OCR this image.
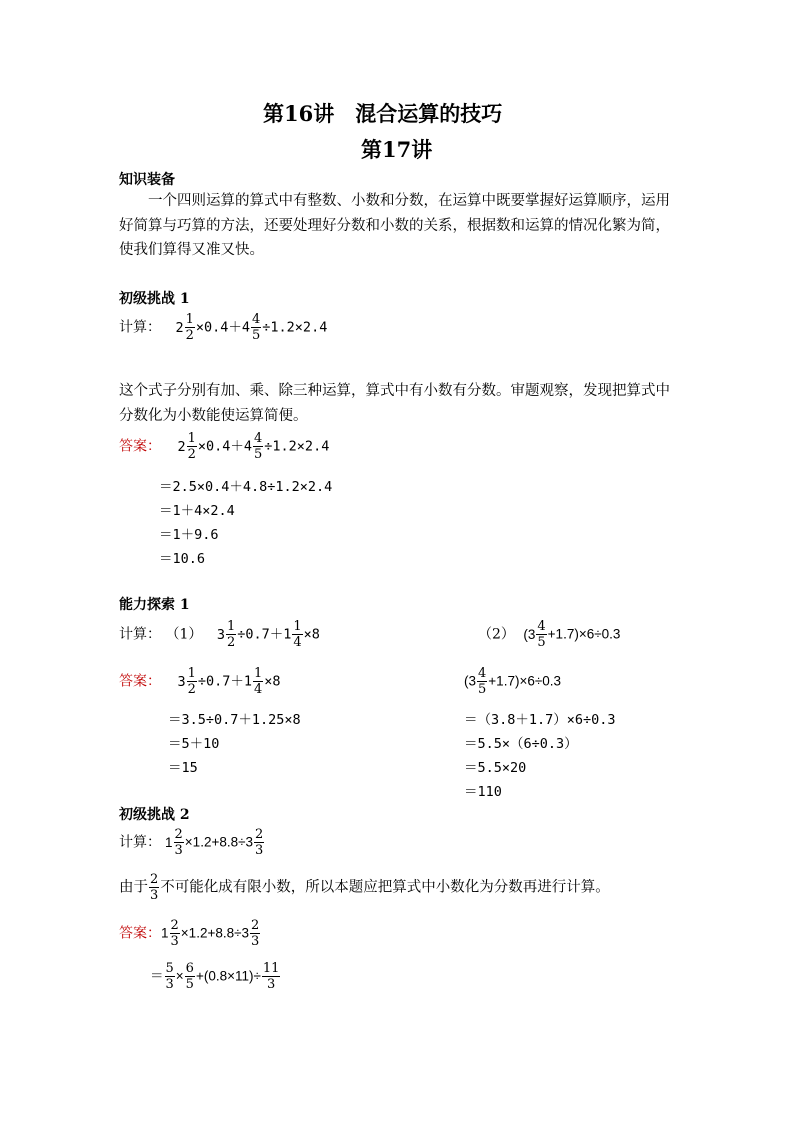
第16讲　混合运算的技巧
第17讲
知识装备
一个四则运算的算式中有整数、小数和分数，在运算中既要掌握好运算顺序，运用好简算与巧算的方法，还要处理好分数和小数的关系，根据数和运算的情况化繁为简，使我们算得又准又快。
初级挑战 1
计算： $2 \frac{1}{2} \times 0.4+4 \frac{4}{5} \div 1.2\times 2.4$
这个式子分别有加、乘、除三种运算，算式中有小数有分数。审题观察，发现把算式中分数化为小数能使运算简便。
答案： $2 \frac{1}{2} \times 0.4+4 \frac{4}{5} \div 1.2\times 2.4$
＝2.5×0.4＋4.8÷1.2×2.4
＝1＋4×2.4
＝1＋9.6
＝10.6
能力探索 1
计算： （1） $3 \frac{1}{2} \div 0.7+1 \frac{1}{4} \times 8$	（2） $(3 \frac{4}{5} +1.7)\times 6\div 0.3$
答案： $3 \frac{1}{2} \div 0.7+1 \frac{1}{4} \times 8$
＝3.5÷0.7＋1.25×8
＝5＋10
＝15
$(3 \frac{4}{5} +1.7)\times 6\div 0.3$
＝（3.8＋1.7）×6÷0.3
＝5.5×（6÷0.3）
＝5.5×20
＝110
初级挑战 2
计算： $1 \frac{2}{3} \times 1.2+8.8\div 3 \frac{2}{3}$
由于 $\frac{2}{3}$ 不可能化成有限小数，所以本题应把算式中小数化为分数再进行计算。
答案：$1 \frac{2}{3} \times 1.2+8.8\div 3 \frac{2}{3}$
＝ $\frac{5}{3} \times \frac{6}{5} +(0.8\times 11)\div \frac{11}{3}$
